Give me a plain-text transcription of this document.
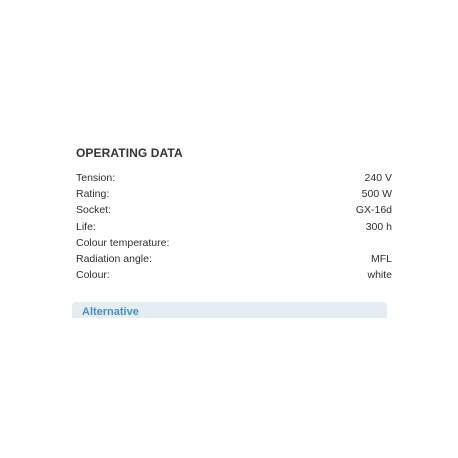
OPERATING DATA
Tension:	240 V
Rating:	500 W
Socket:	GX-16d
Life:	300 h
Colour temperature:
Radiation angle:	MFL
Colour:	white
Alternative
